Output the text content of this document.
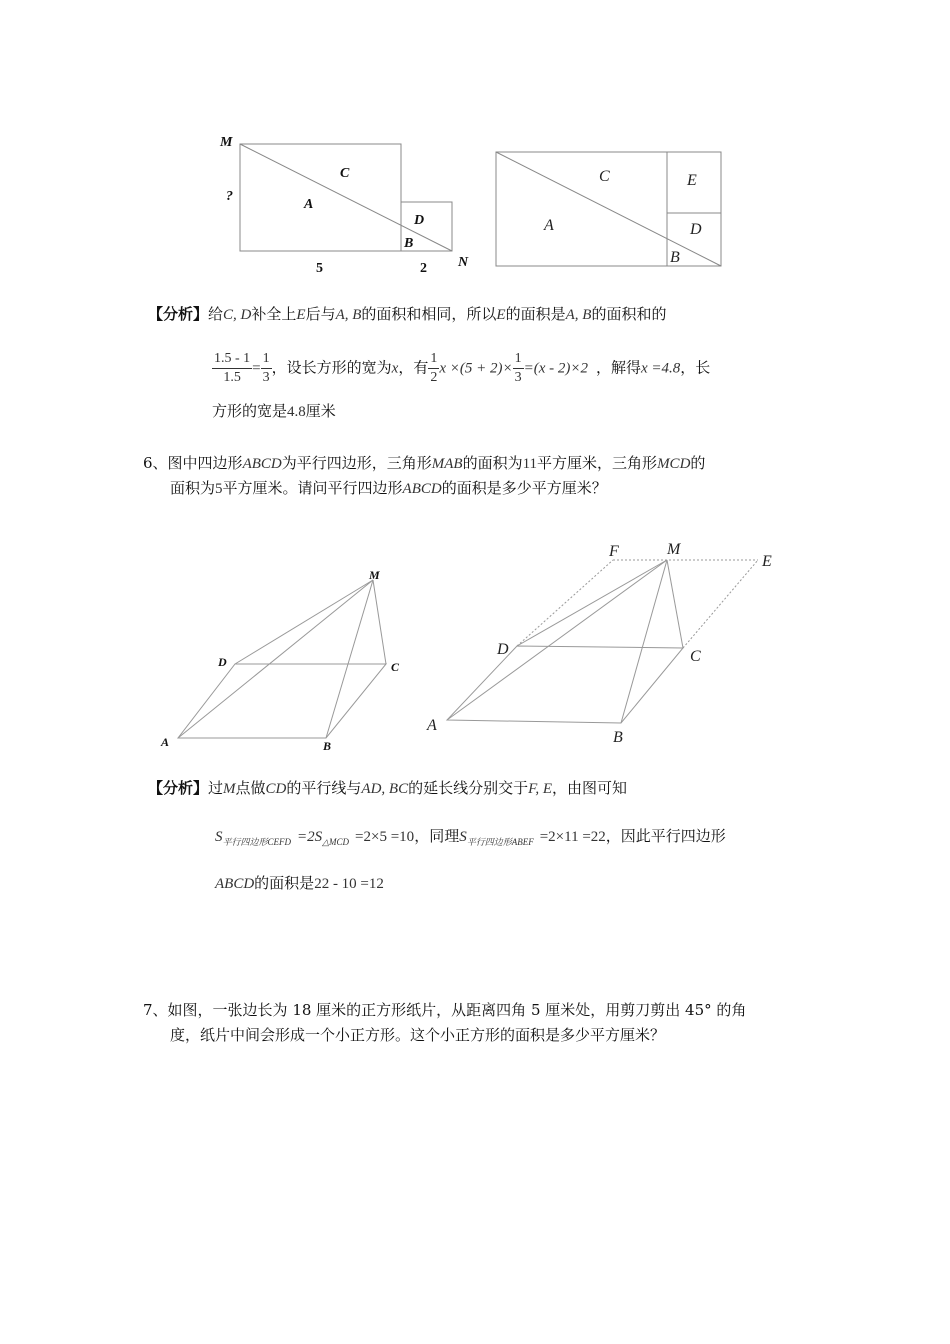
M
?
C
A
D
B
N
5	2
C	E
A	D
B
【分析】给C, D补全上E后与A, B的面积和相同，所以E的面积是A, B的面积和的
$\frac{1.5 - 1}{1.5} = \frac{1}{3}$ ，设长方形的宽为x，有 $\frac{1}{2}$ $x \times(5 + 2)\times \frac{1}{3} =(x - 2)\times 2$ ，解得x =4.8，长
方形的宽是4.8厘米
6、图中四边形ABCD为平行四边形，三角形MAB的面积为11平方厘米，三角形MCD的
面积为5平方厘米。请问平行四边形ABCD的面积是多少平方厘米？
M
D	C
A	B
F	M
E
D	C
A
B
【分析】过M点做CD的平行线与AD, BC的延长线分别交于F, E，由图可知
$S_{平行四边形CEFD} =2S_{\triangle MCD} =2\times 5 =10$，同理$S_{平行四边形ABEF} =2\times 11 =22$，因此平行四边形
ABCD的面积是22 - 10 =12
7、如图，一张边长为 18 厘米的正方形纸片，从距离四角 5 厘米处，用剪刀剪出 45° 的角
度，纸片中间会形成一个小正方形。这个小正方形的面积是多少平方厘米？
